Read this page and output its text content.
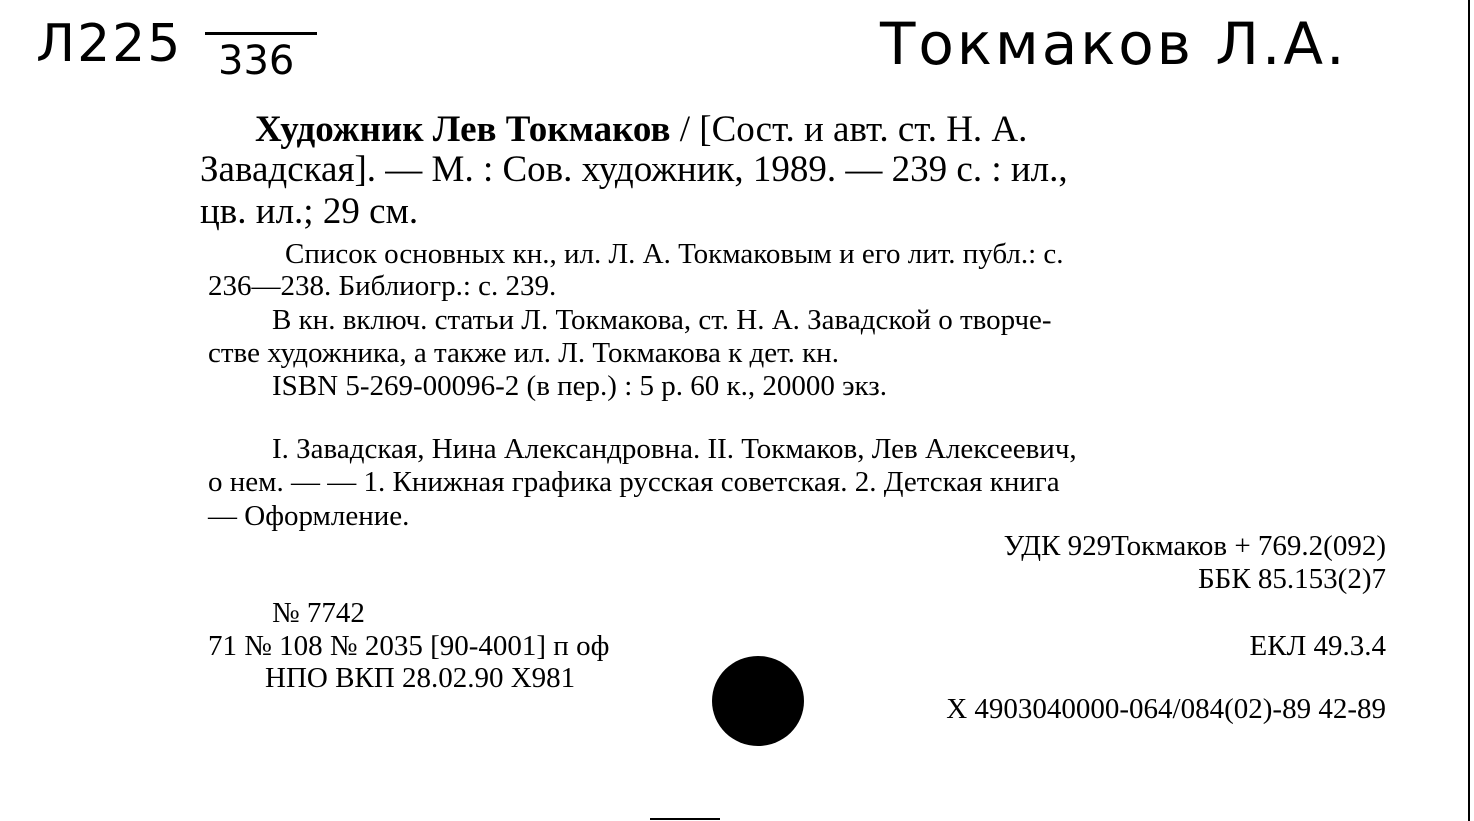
Л225 336	Токмаков Л.А.
Художник Лев Токмаков / [Сост. и авт. ст. Н. А.
Завадская]. — М. : Сов. художник, 1989. — 239 с. : ил.,
цв. ил.; 29 см.
Список основных кн., ил. Л. А. Токмаковым и его лит. публ.: с.
236—238. Библиогр.: с. 239.
В кн. включ. статьи Л. Токмакова, ст. Н. А. Завадской о творче-
стве художника, а также ил. Л. Токмакова к дет. кн.
ISBN 5-269-00096-2 (в пер.) : 5 р. 60 к., 20000 экз.
I. Завадская, Нина Александровна. II. Токмаков, Лев Алексеевич,
о нем. — — 1. Книжная графика русская советская. 2. Детская книга
— Оформление.
УДК 929Токмаков + 769.2(092)
ББК 85.153(2)7
№ 7742
71 № 108 № 2035 [90-4001] п оф
НПО ВКП 28.02.90 Х981
ЕКЛ 49.3.4
Х 4903040000-064/084(02)-89 42-89
